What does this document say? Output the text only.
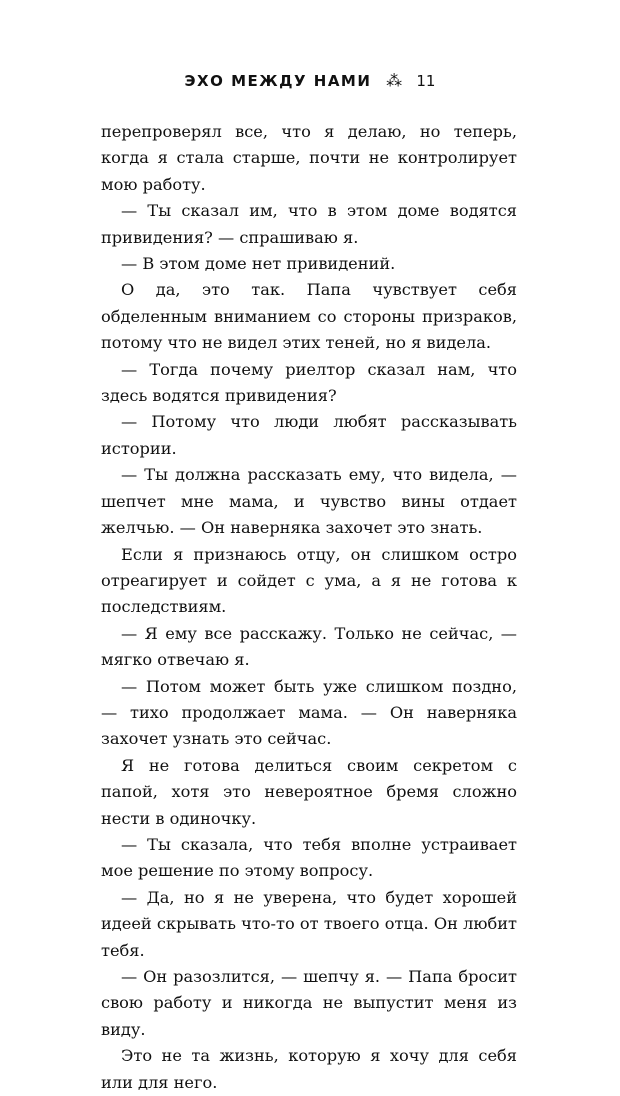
ЭХО МЕЖДУ НАМИ ⁂ 11

перепроверял все, что я делаю, но теперь, когда я стала старше, почти не контролирует мою работу.

— Ты сказал им, что в этом доме водятся привидения? — спрашиваю я.

— В этом доме нет привидений.

О да, это так. Папа чувствует себя обделенным вниманием со стороны призраков, потому что не видел этих теней, но я видела.

— Тогда почему риелтор сказал нам, что здесь водятся привидения?

— Потому что люди любят рассказывать истории.

— Ты должна рассказать ему, что видела, — шепчет мне мама, и чувство вины отдает желчью. — Он наверняка захочет это знать.

Если я признаюсь отцу, он слишком остро отреагирует и сойдет с ума, а я не готова к последствиям.

— Я ему все расскажу. Только не сейчас, — мягко отвечаю я.

— Потом может быть уже слишком поздно, — тихо продолжает мама. — Он наверняка захочет узнать это сейчас.

Я не готова делиться своим секретом с папой, хотя это невероятное бремя сложно нести в одиночку.

— Ты сказала, что тебя вполне устраивает мое решение по этому вопросу.

— Да, но я не уверена, что будет хорошей идеей скрывать что-то от твоего отца. Он любит тебя.

— Он разозлится, — шепчу я. — Папа бросит свою работу и никогда не выпустит меня из виду.

Это не та жизнь, которую я хочу для себя или для него.
